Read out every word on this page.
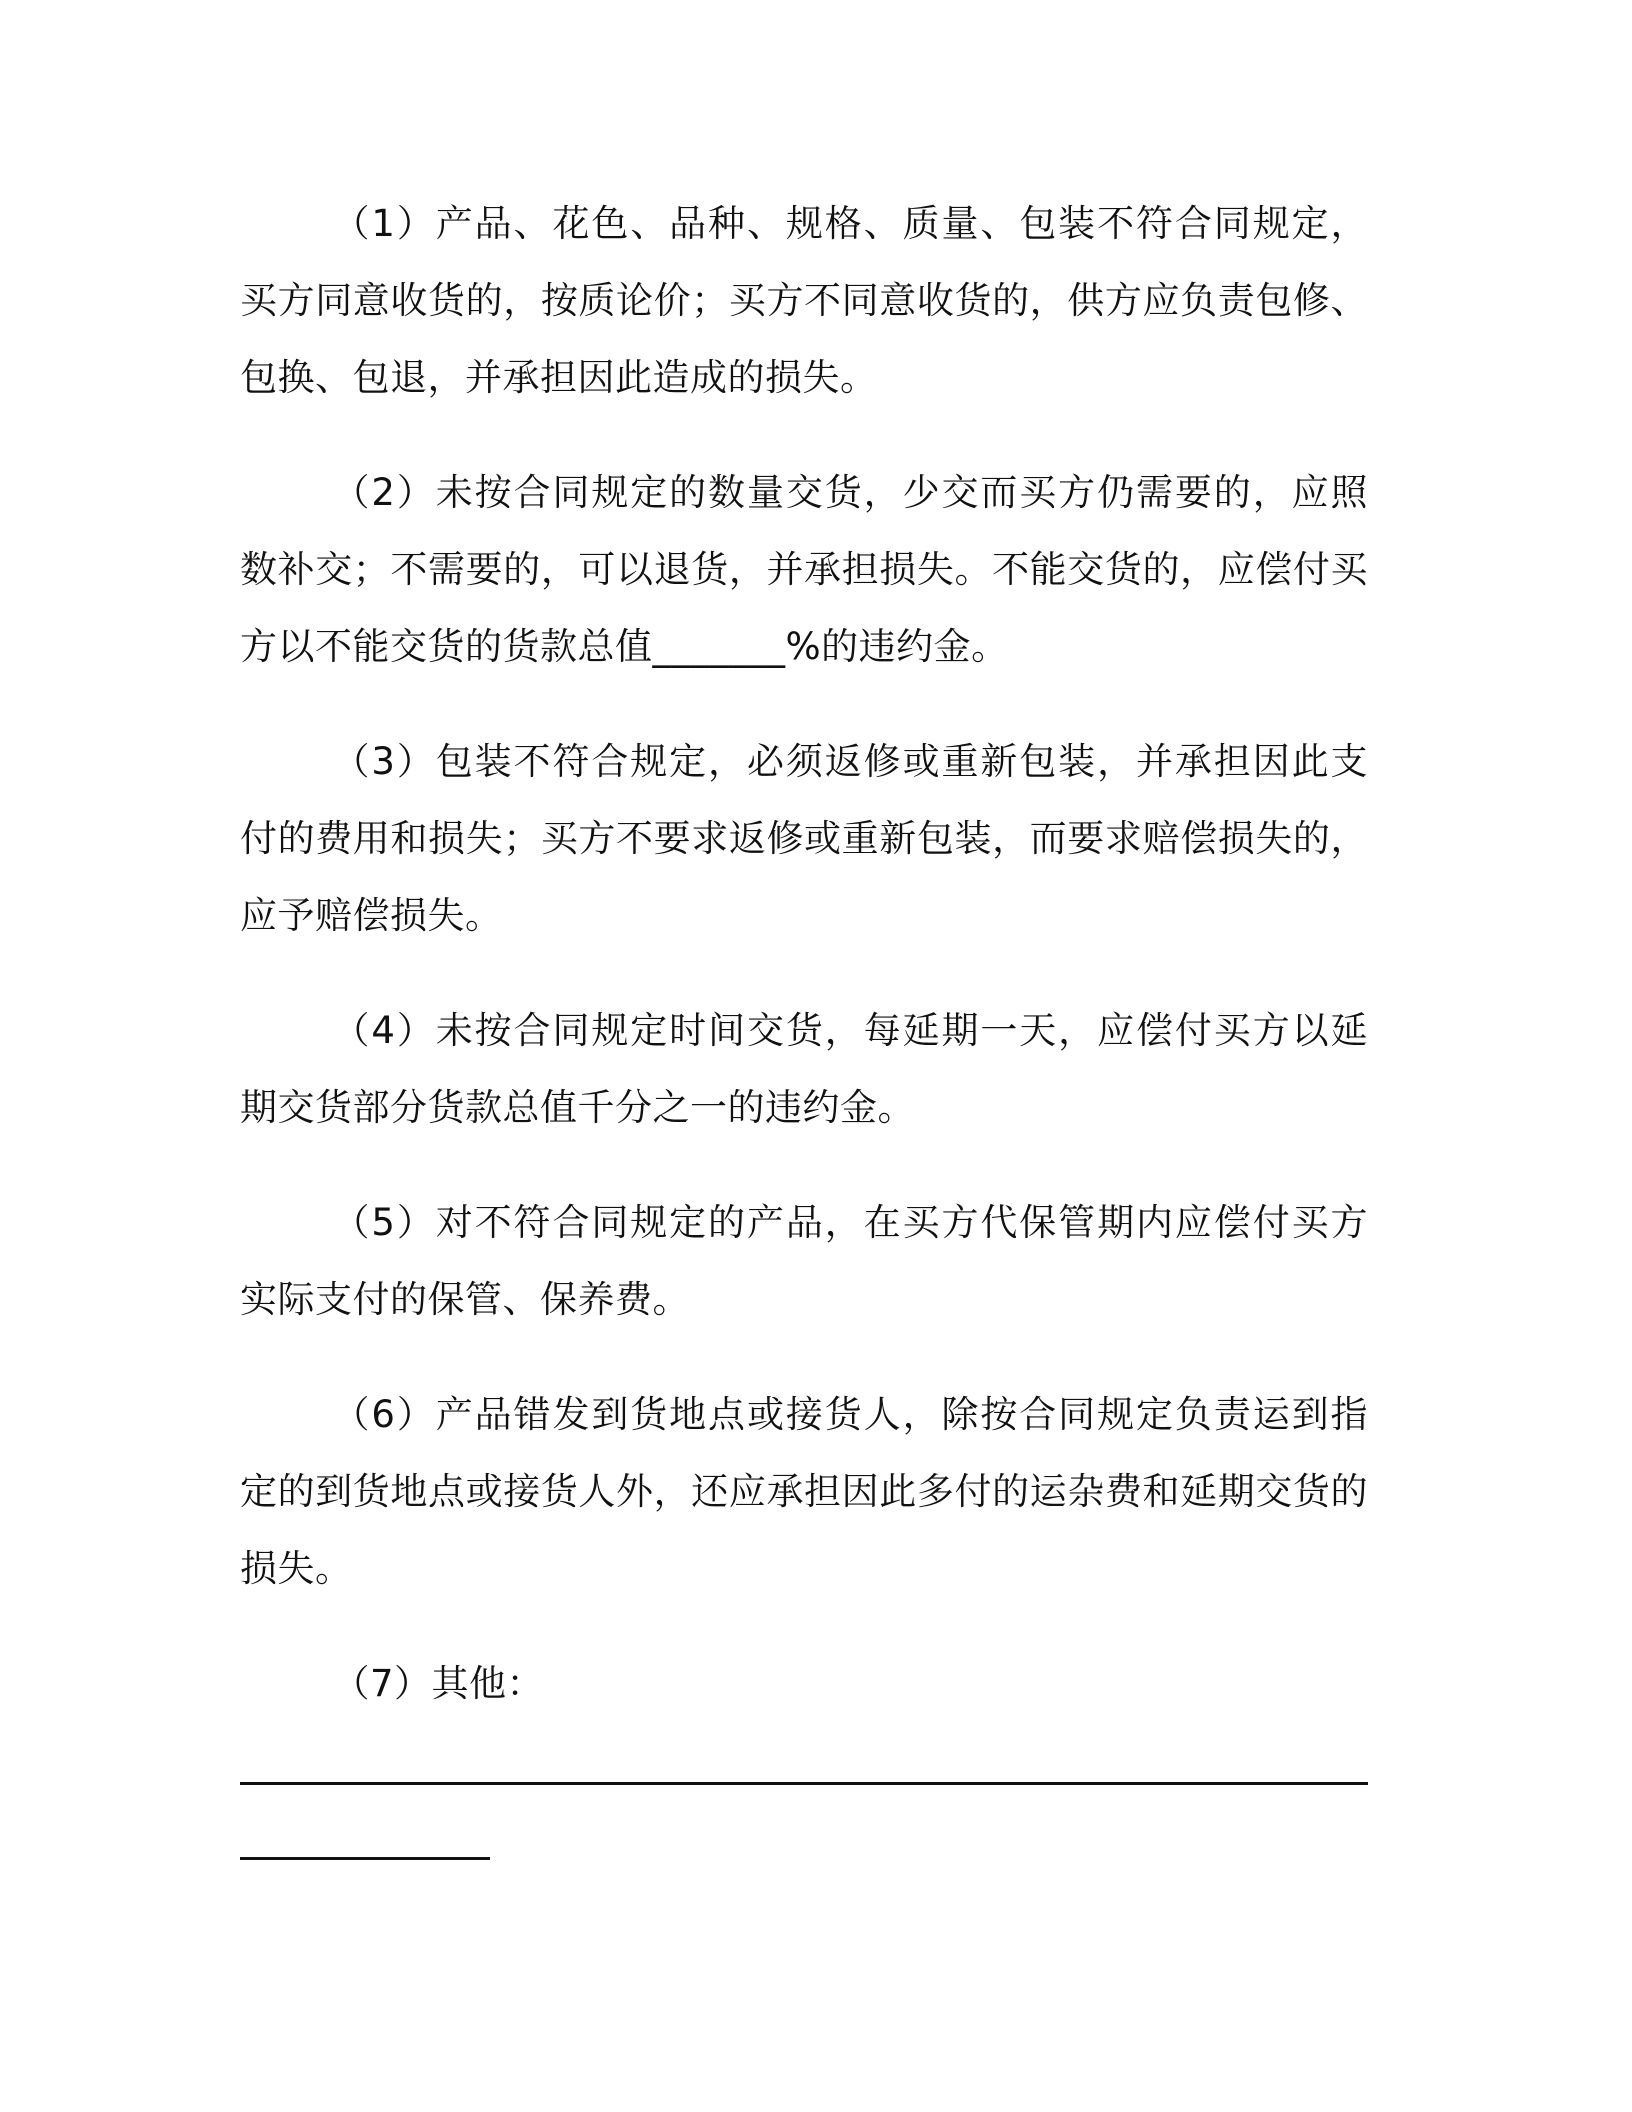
（1）产品、花色、品种、规格、质量、包装不符合同规定，买方同意收货的，按质论价；买方不同意收货的，供方应负责包修、包换、包退，并承担因此造成的损失。

（2）未按合同规定的数量交货，少交而买方仍需要的，应照数补交；不需要的，可以退货，并承担损失。不能交货的，应偿付买方以不能交货的货款总值_______%的违约金。

（3）包装不符合规定，必须返修或重新包装，并承担因此支付的费用和损失；买方不要求返修或重新包装，而要求赔偿损失的，应予赔偿损失。

（4）未按合同规定时间交货，每延期一天，应偿付买方以延期交货部分货款总值千分之一的违约金。

（5）对不符合同规定的产品，在买方代保管期内应偿付买方实际支付的保管、保养费。

（6）产品错发到货地点或接货人，除按合同规定负责运到指定的到货地点或接货人外，还应承担因此多付的运杂费和延期交货的损失。

（7）其他：
